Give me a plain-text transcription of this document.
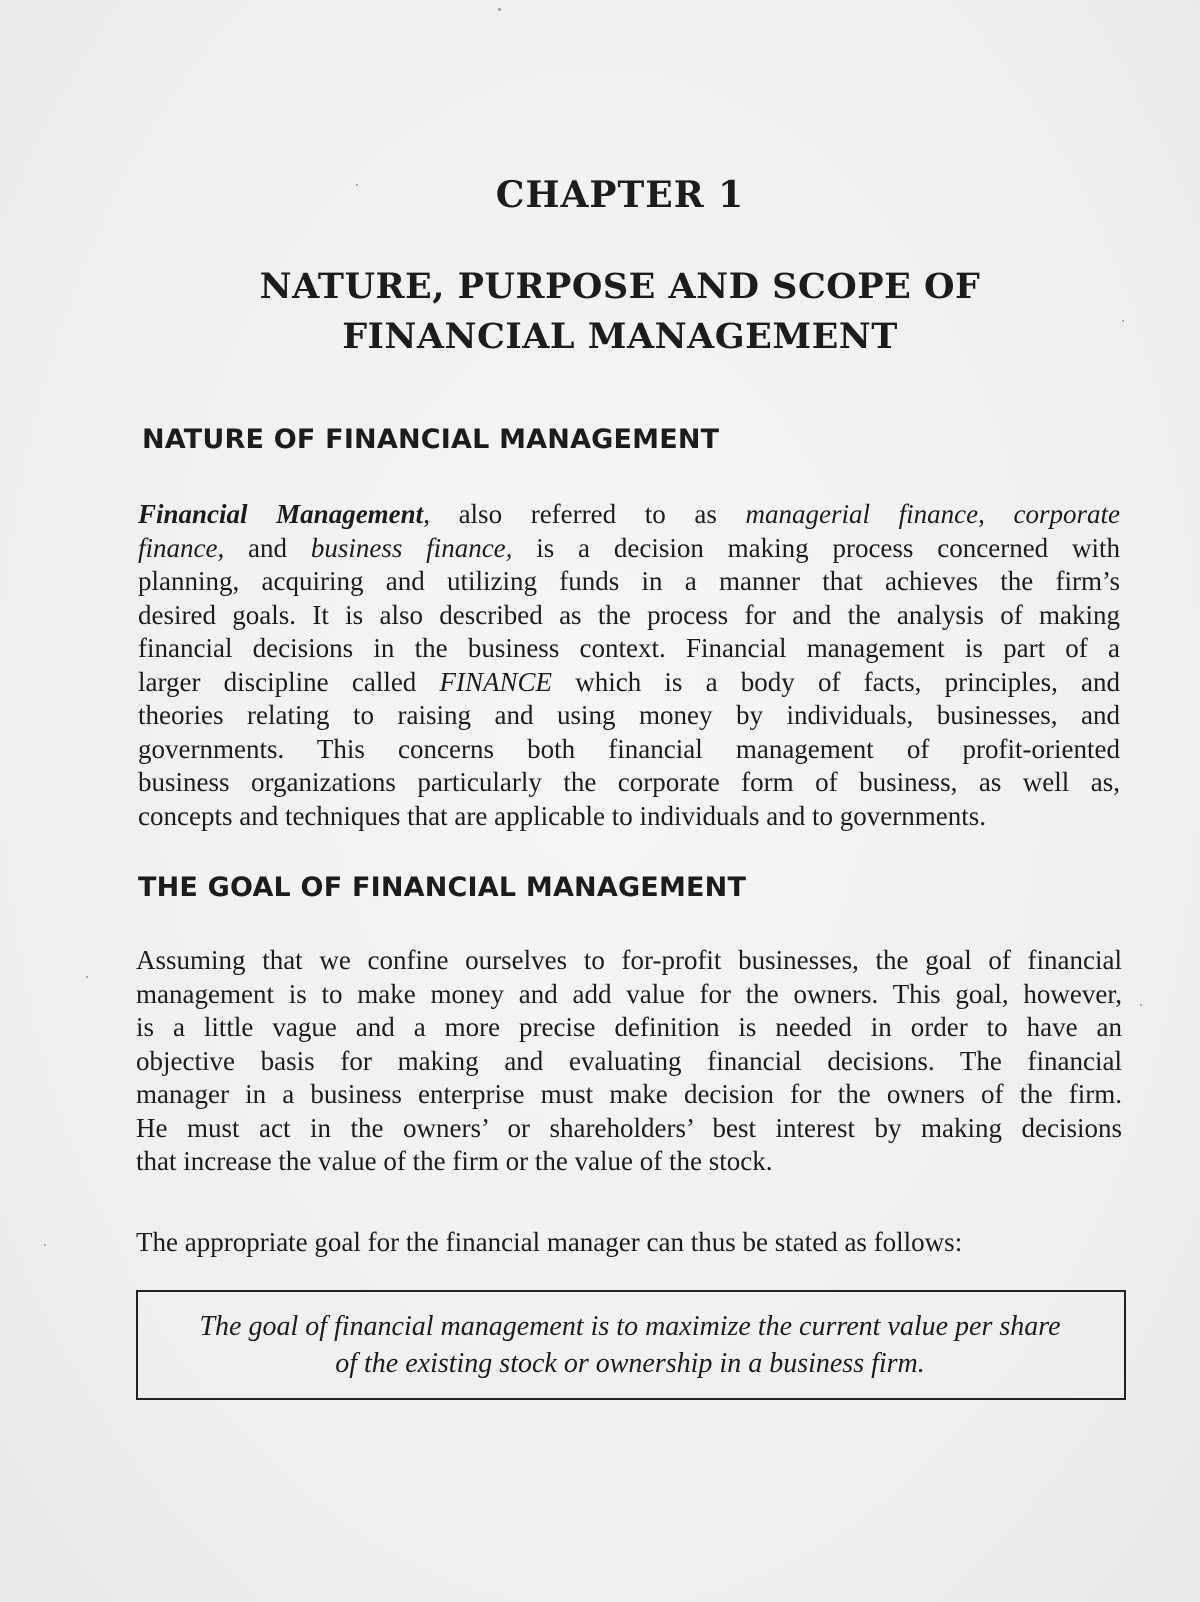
CHAPTER 1
NATURE, PURPOSE AND SCOPE OF
FINANCIAL MANAGEMENT
NATURE OF FINANCIAL MANAGEMENT
Financial Management, also referred to as managerial finance, corporate
finance, and business finance, is a decision making process concerned with
planning, acquiring and utilizing funds in a manner that achieves the firm’s
desired goals. It is also described as the process for and the analysis of making
financial decisions in the business context. Financial management is part of a
larger discipline called FINANCE which is a body of facts, principles, and
theories relating to raising and using money by individuals, businesses, and
governments. This concerns both financial management of profit-oriented
business organizations particularly the corporate form of business, as well as,
concepts and techniques that are applicable to individuals and to governments.
THE GOAL OF FINANCIAL MANAGEMENT
Assuming that we confine ourselves to for-profit businesses, the goal of financial
management is to make money and add value for the owners. This goal, however,
is a little vague and a more precise definition is needed in order to have an
objective basis for making and evaluating financial decisions. The financial
manager in a business enterprise must make decision for the owners of the firm.
He must act in the owners’ or shareholders’ best interest by making decisions
that increase the value of the firm or the value of the stock.
The appropriate goal for the financial manager can thus be stated as follows:
The goal of financial management is to maximize the current value per share
of the existing stock or ownership in a business firm.
